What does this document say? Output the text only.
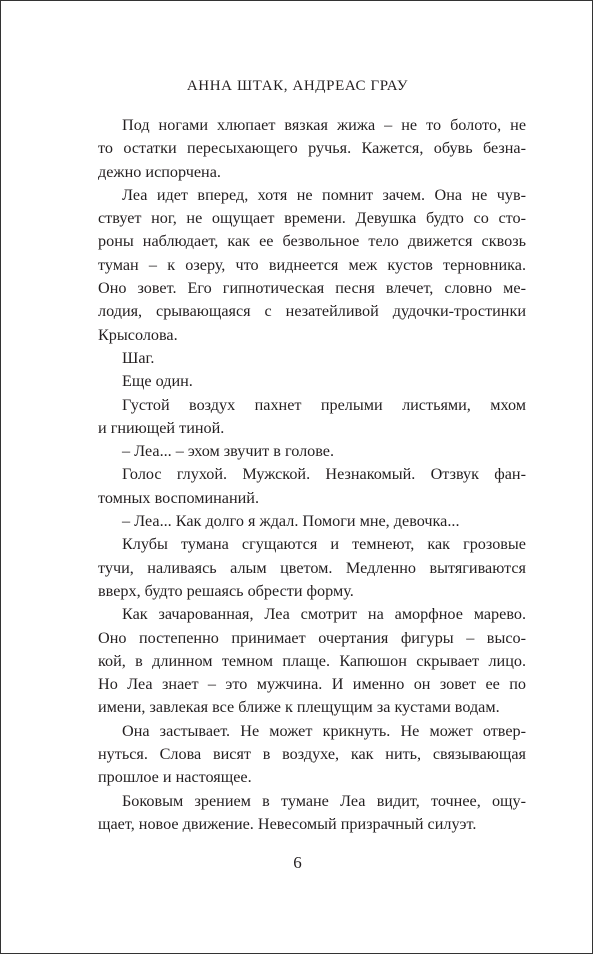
АННА ШТАК, АНДРЕАС ГРАУ

Под ногами хлюпает вязкая жижа – не то болото, не
то остатки пересыхающего ручья. Кажется, обувь безна-
дежно испорчена.

Леа идет вперед, хотя не помнит зачем. Она не чув-
ствует ног, не ощущает времени. Девушка будто со сто-
роны наблюдает, как ее безвольное тело движется сквозь
туман – к озеру, что виднеется меж кустов терновника.
Оно зовет. Его гипнотическая песня влечет, словно ме-
лодия, срывающаяся с незатейливой дудочки-тростинки
Крысолова.

Шаг.

Еще один.

Густой воздух пахнет прелыми листьями, мхом
и гниющей тиной.

– Леа... – эхом звучит в голове.

Голос глухой. Мужской. Незнакомый. Отзвук фан-
томных воспоминаний.

– Леа... Как долго я ждал. Помоги мне, девочка...

Клубы тумана сгущаются и темнеют, как грозовые
тучи, наливаясь алым цветом. Медленно вытягиваются
вверх, будто решаясь обрести форму.

Как зачарованная, Леа смотрит на аморфное марево.
Оно постепенно принимает очертания фигуры – высо-
кой, в длинном темном плаще. Капюшон скрывает лицо.
Но Леа знает – это мужчина. И именно он зовет ее по
имени, завлекая все ближе к плещущим за кустами водам.

Она застывает. Не может крикнуть. Не может отвер-
нуться. Слова висят в воздухе, как нить, связывающая
прошлое и настоящее.

Боковым зрением в тумане Леа видит, точнее, ощу-
щает, новое движение. Невесомый призрачный силуэт.

6
